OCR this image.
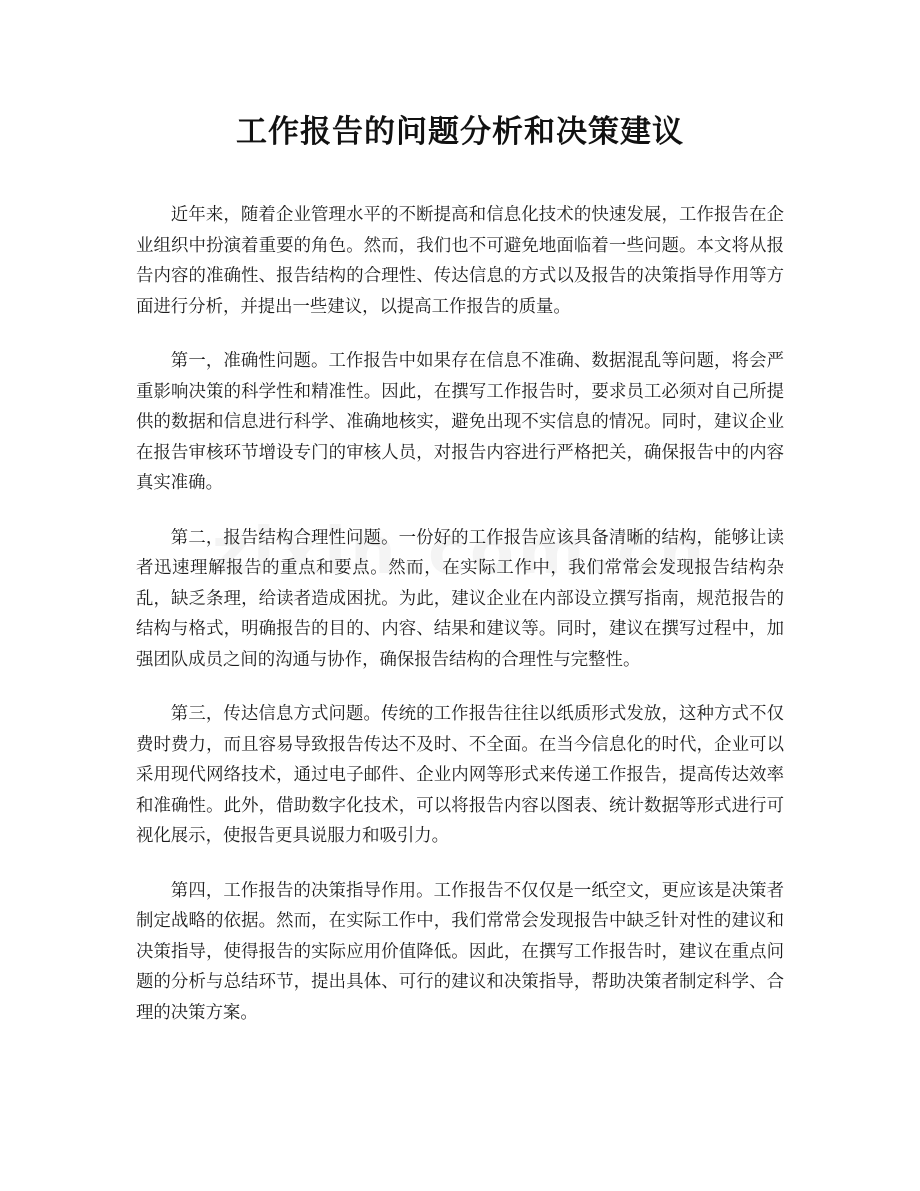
工作报告的问题分析和决策建议

近年来，随着企业管理水平的不断提高和信息化技术的快速发展，工作报告在企业组织中扮演着重要的角色。然而，我们也不可避免地面临着一些问题。本文将从报告内容的准确性、报告结构的合理性、传达信息的方式以及报告的决策指导作用等方面进行分析，并提出一些建议，以提高工作报告的质量。

第一，准确性问题。工作报告中如果存在信息不准确、数据混乱等问题，将会严重影响决策的科学性和精准性。因此，在撰写工作报告时，要求员工必须对自己所提供的数据和信息进行科学、准确地核实，避免出现不实信息的情况。同时，建议企业在报告审核环节增设专门的审核人员，对报告内容进行严格把关，确保报告中的内容真实准确。

第二，报告结构合理性问题。一份好的工作报告应该具备清晰的结构，能够让读者迅速理解报告的重点和要点。然而，在实际工作中，我们常常会发现报告结构杂乱，缺乏条理，给读者造成困扰。为此，建议企业在内部设立撰写指南，规范报告的结构与格式，明确报告的目的、内容、结果和建议等。同时，建议在撰写过程中，加强团队成员之间的沟通与协作，确保报告结构的合理性与完整性。

第三，传达信息方式问题。传统的工作报告往往以纸质形式发放，这种方式不仅费时费力，而且容易导致报告传达不及时、不全面。在当今信息化的时代，企业可以采用现代网络技术，通过电子邮件、企业内网等形式来传递工作报告，提高传达效率和准确性。此外，借助数字化技术，可以将报告内容以图表、统计数据等形式进行可视化展示，使报告更具说服力和吸引力。

第四，工作报告的决策指导作用。工作报告不仅仅是一纸空文，更应该是决策者制定战略的依据。然而，在实际工作中，我们常常会发现报告中缺乏针对性的建议和决策指导，使得报告的实际应用价值降低。因此，在撰写工作报告时，建议在重点问题的分析与总结环节，提出具体、可行的建议和决策指导，帮助决策者制定科学、合理的决策方案。
